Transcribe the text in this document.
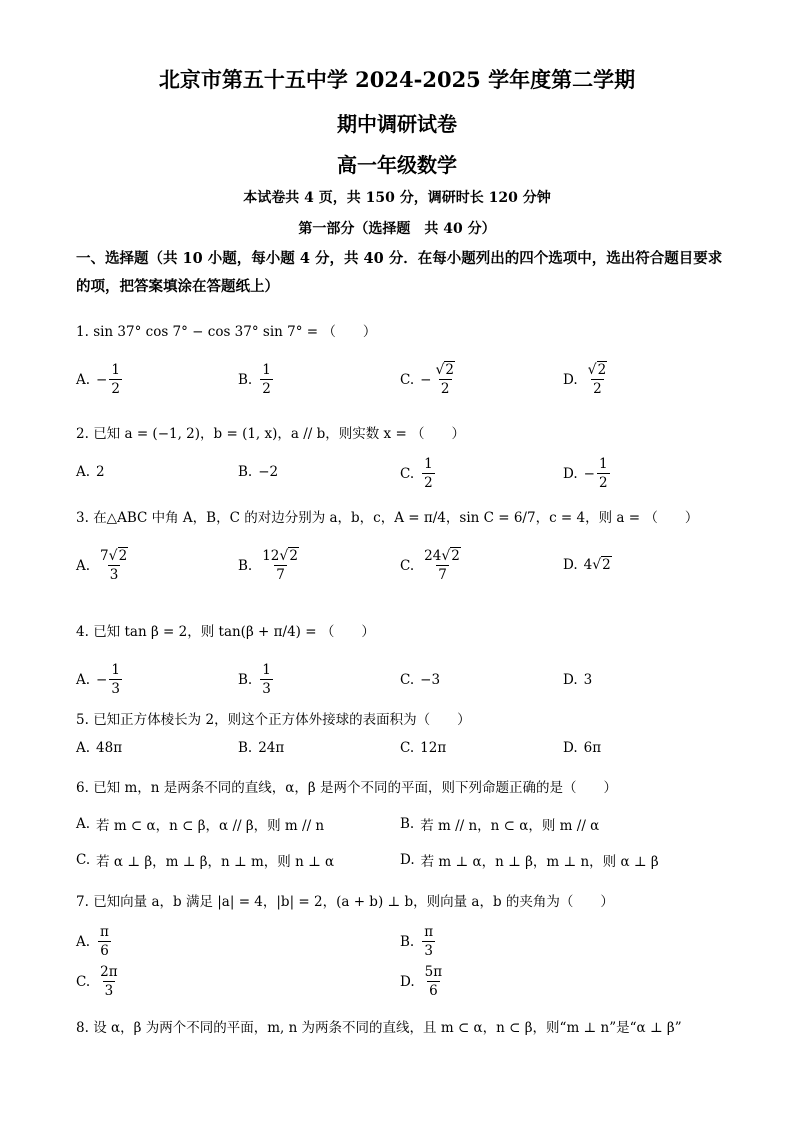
北京市第五十五中学 2024-2025 学年度第二学期
期中调研试卷
高一年级数学
本试卷共 4 页，共 150 分，调研时长 120 分钟
第一部分（选择题　共 40 分）
一、选择题（共 10 小题，每小题 4 分，共 40 分．在每小题列出的四个选项中，选出符合题目要求的项，把答案填涂在答题纸上）
1. sin 37° cos 7° − cos 37° sin 7° = （　　）
A. − $\frac{1}{2}$	B. $\frac{1}{2}$	C. − $\frac{√2}{2}$	D. $\frac{√2}{2}$
2. 已知 a = (−1, 2)，b = (1, x)，a // b，则实数 x = （　　）
A. 2	B. −2	C. $\frac{1}{2}$	D. − $\frac{1}{2}$
3. 在△ABC 中角 A，B，C 的对边分别为 a，b，c，A = π/4，sin C = 6/7，c = 4，则 a = （　　）
A. $\frac{7√2}{3}$	B. $\frac{12√2}{7}$	C. $\frac{24√2}{7}$	D. 4√2
4. 已知 tan β = 2，则 tan(β + π/4) = （　　）
A. − $\frac{1}{3}$	B. $\frac{1}{3}$	C. −3	D. 3
5. 已知正方体棱长为 2，则这个正方体外接球的表面积为（　　）
A. 48π	B. 24π	C. 12π	D. 6π
6. 已知 m，n 是两条不同的直线，α，β 是两个不同的平面，则下列命题正确的是（　　）
A. 若 m ⊂ α，n ⊂ β，α // β，则 m // n	B. 若 m // n，n ⊂ α，则 m // α
C. 若 α ⊥ β，m ⊥ β，n ⊥ m，则 n ⊥ α	D. 若 m ⊥ α，n ⊥ β，m ⊥ n，则 α ⊥ β
7. 已知向量 a，b 满足 |a| = 4，|b| = 2，(a + b) ⊥ b，则向量 a，b 的夹角为（　　）
A. $\frac{\pi}{6}$	B. $\frac{\pi}{3}$
C. $\frac{2\pi}{3}$	D. $\frac{5\pi}{6}$
8. 设 α，β 为两个不同的平面，m, n 为两条不同的直线，且 m ⊂ α，n ⊂ β，则“m ⊥ n”是“α ⊥ β”
